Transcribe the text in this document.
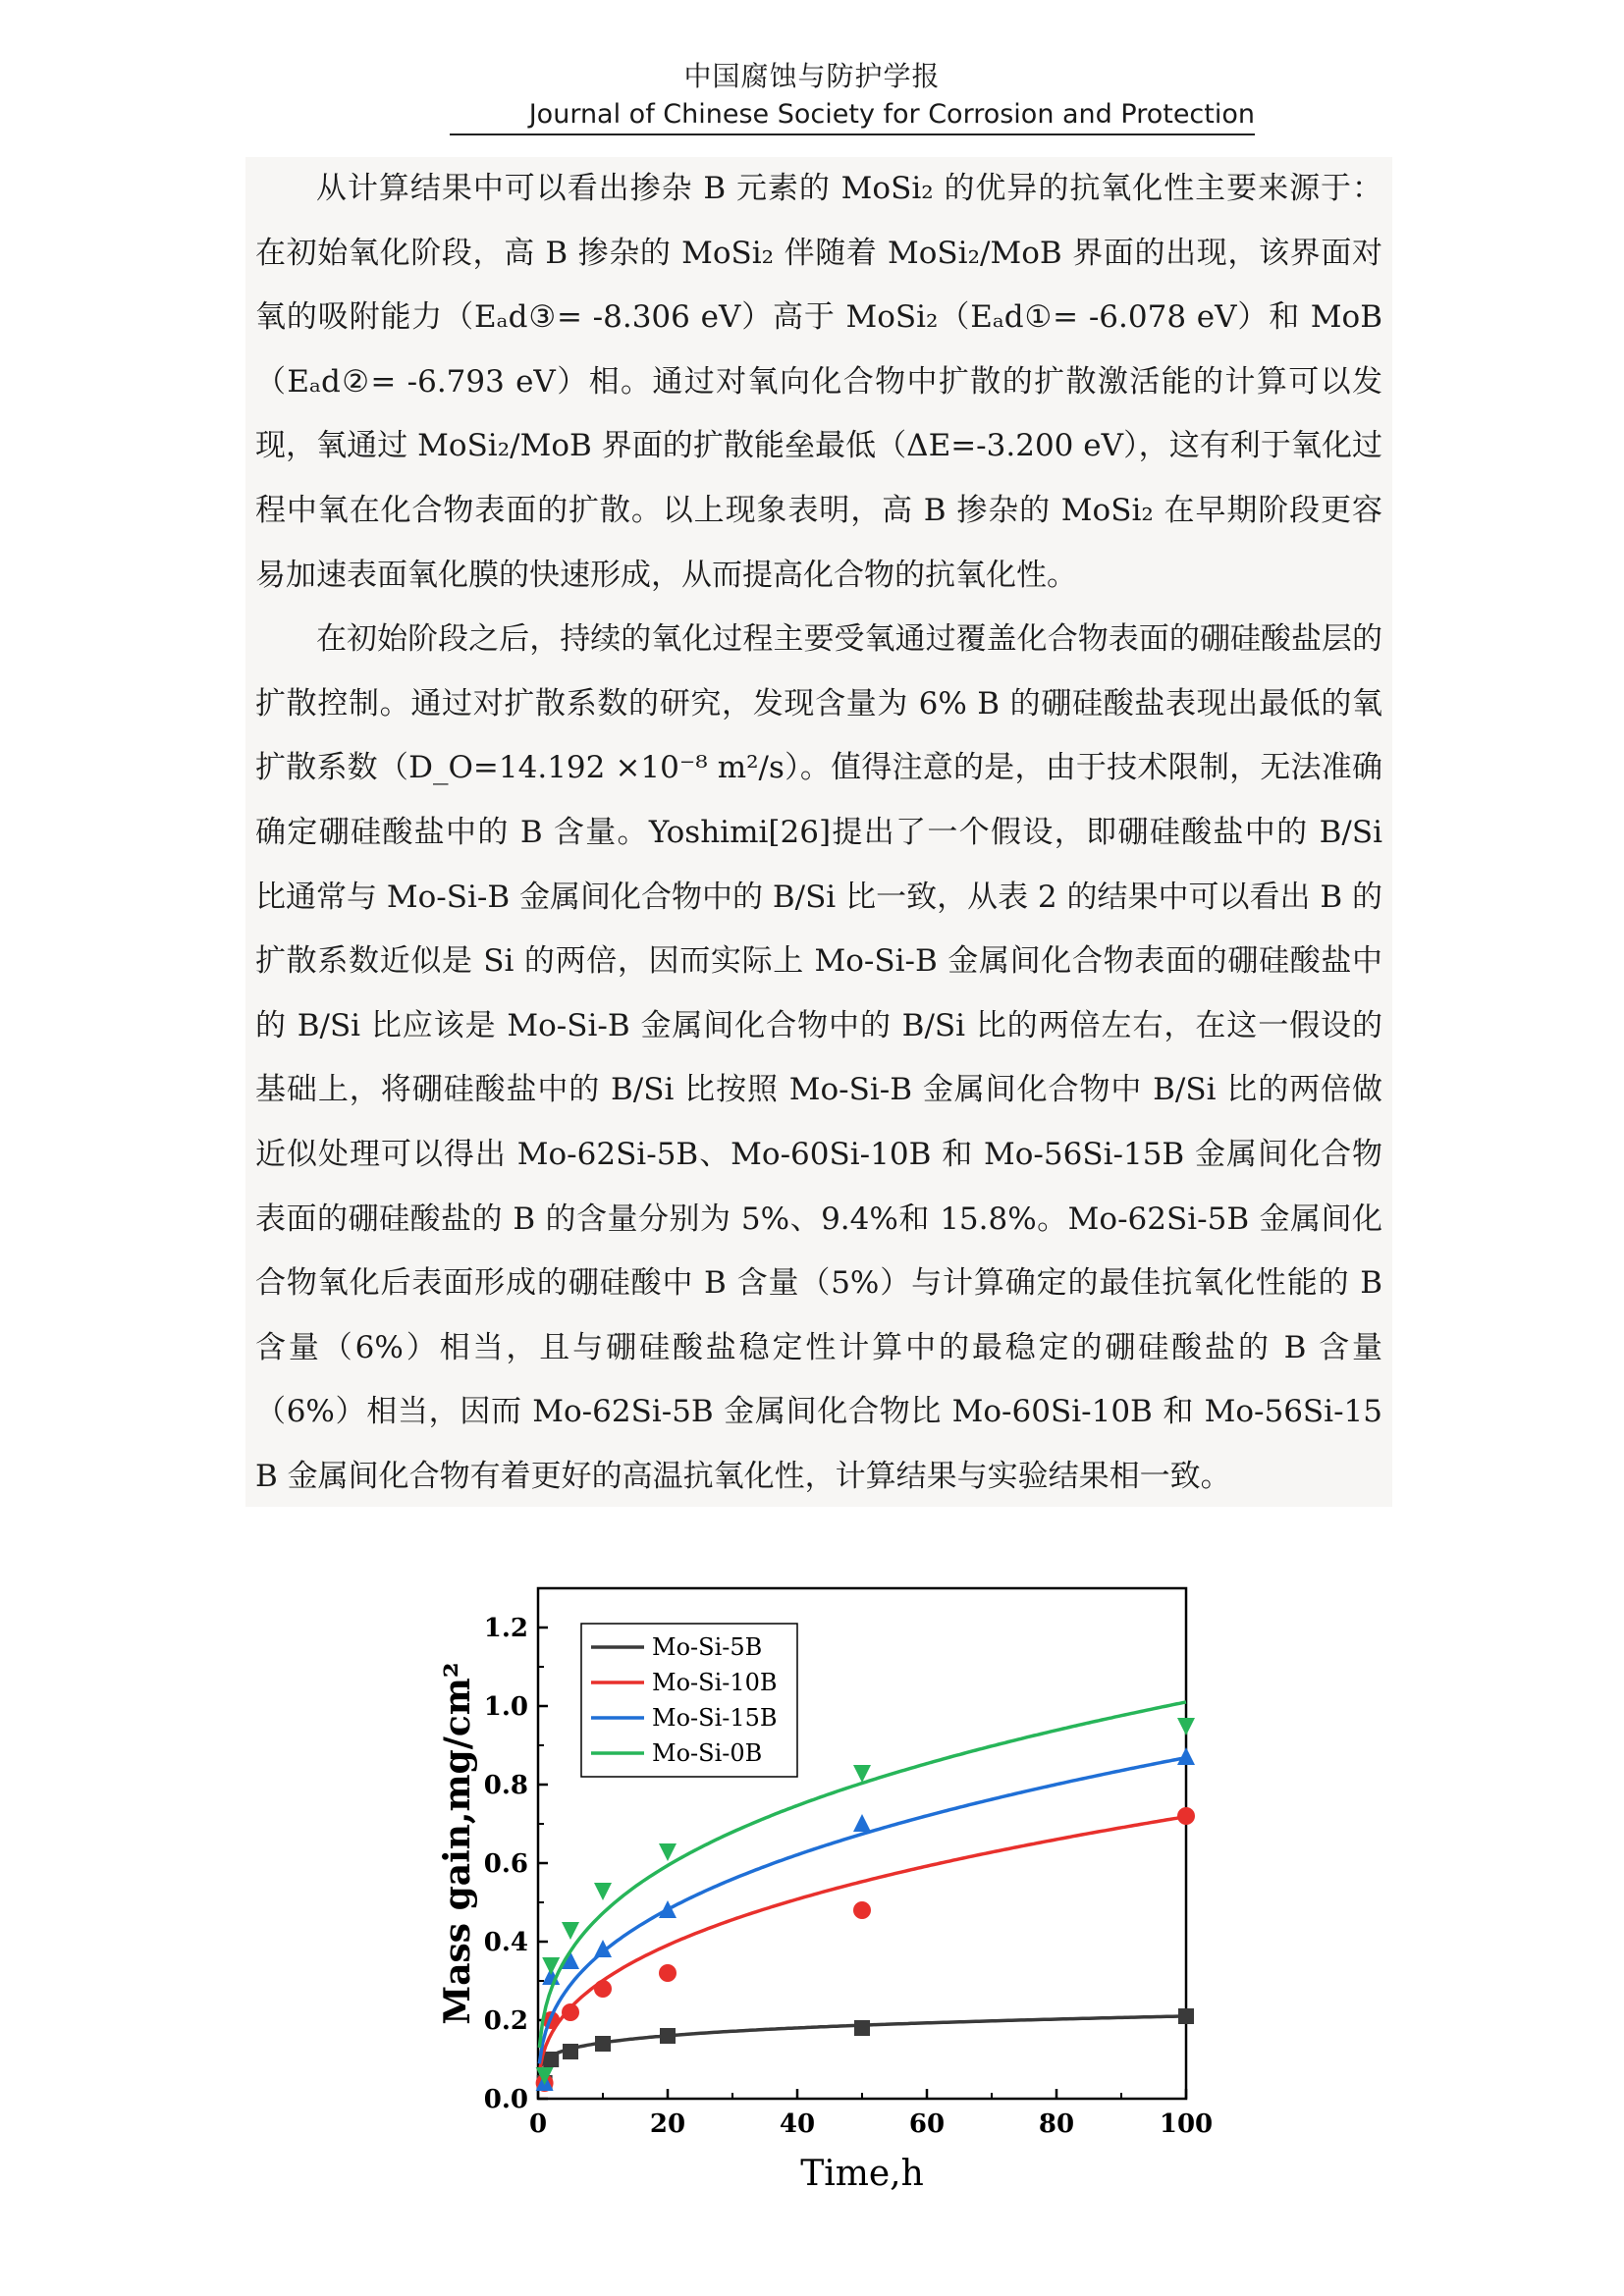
中国腐蚀与防护学报
Journal of Chinese Society for Corrosion and Protection

从计算结果中可以看出掺杂 B 元素的 MoSi₂ 的优异的抗氧化性主要来源于：在初始氧化阶段，高 B 掺杂的 MoSi₂ 伴随着 MoSi₂/MoB 界面的出现，该界面对氧的吸附能力（Eₐd③= -8.306 eV）高于 MoSi₂（Eₐd①= -6.078 eV）和 MoB（Eₐd②= -6.793 eV）相。通过对氧向化合物中扩散的扩散激活能的计算可以发现，氧通过 MoSi₂/MoB 界面的扩散能垒最低（ΔE=-3.200 eV），这有利于氧化过程中氧在化合物表面的扩散。以上现象表明，高 B 掺杂的 MoSi₂ 在早期阶段更容易加速表面氧化膜的快速形成，从而提高化合物的抗氧化性。

在初始阶段之后，持续的氧化过程主要受氧通过覆盖化合物表面的硼硅酸盐层的扩散控制。通过对扩散系数的研究，发现含量为 6% B 的硼硅酸盐表现出最低的氧扩散系数（D_O=14.192 ×10⁻⁸ m²/s）。值得注意的是，由于技术限制，无法准确确定硼硅酸盐中的 B 含量。Yoshimi[26]提出了一个假设，即硼硅酸盐中的 B/Si 比通常与 Mo-Si-B 金属间化合物中的 B/Si 比一致，从表 2 的结果中可以看出 B 的扩散系数近似是 Si 的两倍，因而实际上 Mo-Si-B 金属间化合物表面的硼硅酸盐中的 B/Si 比应该是 Mo-Si-B 金属间化合物中的 B/Si 比的两倍左右，在这一假设的基础上，将硼硅酸盐中的 B/Si 比按照 Mo-Si-B 金属间化合物中 B/Si 比的两倍做近似处理可以得出 Mo-62Si-5B、Mo-60Si-10B 和 Mo-56Si-15B 金属间化合物表面的硼硅酸盐的 B 的含量分别为 5%、9.4%和 15.8%。Mo-62Si-5B 金属间化合物氧化后表面形成的硼硅酸中 B 含量（5%）与计算确定的最佳抗氧化性能的 B 含量（6%）相当，且与硼硅酸盐稳定性计算中的最稳定的硼硅酸盐的 B 含量（6%）相当，因而 Mo-62Si-5B 金属间化合物比 Mo-60Si-10B 和 Mo-56Si-15B 金属间化合物有着更好的高温抗氧化性，计算结果与实验结果相一致。

0	20	40	60	80	100
0.0
0.2
0.4
0.6
0.8
1.0
1.2
Time,h
Mass gain,mg/cm²
Mo-Si-5B
Mo-Si-10B
Mo-Si-15B
Mo-Si-0B
